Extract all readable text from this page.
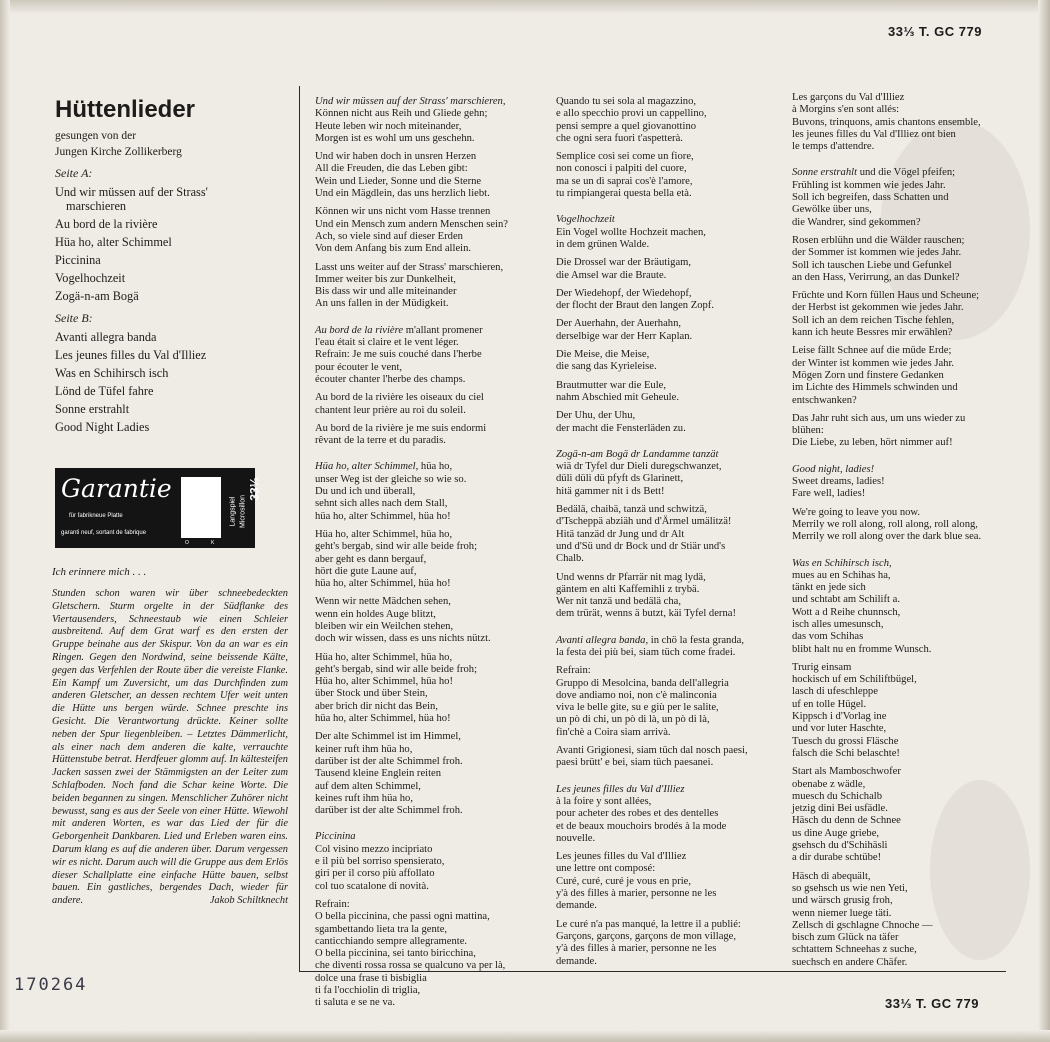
33⅓ T. GC 779
33⅓ T. GC 779
170264
Hüttenlieder
gesungen von der
Jungen Kirche Zollikerberg
Seite A:
Und wir müssen auf der Strass'
marschieren
Au bord de la rivière
Hüa ho, alter Schimmel
Piccinina
Vogelhochzeit
Zogä-n-am Bogä
Seite B:
Avanti allegra banda
Les jeunes filles du Val d'Illiez
Was en Schihirsch isch
Lönd de Tüfel fahre
Sonne erstrahlt
Good Night Ladies
Garantie
für fabrikneue Platte
garanti neuf, sortant de fabrique
O	K
Langspiel Microsillon
33⅓
Ich erinnere mich . . .
Stunden schon waren wir über schneebedeckten Gletschern. Sturm orgelte in der Südflanke des Viertausenders, Schneestaub wie einen Schleier ausbreitend. Auf dem Grat warf es den ersten der Gruppe beinahe aus der Skispur. Von da an war es ein Ringen. Gegen den Nordwind, seine beissende Kälte, gegen das Verfehlen der Route über die vereiste Flanke. Ein Kampf um Zuversicht, um das Durchfinden zum anderen Gletscher, an dessen rechtem Ufer weit unten die Hütte uns bergen würde. Schnee preschte ins Gesicht. Die Verantwortung drückte. Keiner sollte neben der Spur liegenbleiben. – Letztes Dämmerlicht, als einer nach dem anderen die kalte, verrauchte Hüttenstube betrat. Herdfeuer glomm auf. In kältesteifen Jacken sassen zwei der Stämmigsten an der Leiter zum Schlafboden. Noch fand die Schar keine Worte. Die beiden begannen zu singen. Menschlicher Zuhörer nicht bewusst, sang es aus der Seele von einer Hütte. Wiewohl mit anderen Worten, es war das Lied der für die Geborgenheit Dankbaren. Lied und Erleben waren eins. Darum klang es auf die anderen über. Darum vergessen wir es nicht. Darum auch will die Gruppe aus dem Erlös dieser Schallplatte eine einfache Hütte bauen, selbst bauen. Ein gastliches, bergendes Dach, wieder für andere.	Jakob Schiltknecht
Und wir müssen auf der Strass' marschieren,
Können nicht aus Reih und Gliede gehn;
Heute leben wir noch miteinander,
Morgen ist es wohl um uns geschehn.
Und wir haben doch in unsren Herzen
All die Freuden, die das Leben gibt:
Wein und Lieder, Sonne und die Sterne
Und ein Mägdlein, das uns herzlich liebt.
Können wir uns nicht vom Hasse trennen
Und ein Mensch zum andern Menschen sein?
Ach, so viele sind auf dieser Erden
Von dem Anfang bis zum End allein.
Lasst uns weiter auf der Strass' marschieren,
Immer weiter bis zur Dunkelheit,
Bis dass wir und alle miteinander
An uns fallen in der Müdigkeit.
Au bord de la rivière m'allant promener
l'eau était si claire et le vent léger.
Refrain: Je me suis couché dans l'herbe
pour écouter le vent,
écouter chanter l'herbe des champs.
Au bord de la rivière les oiseaux du ciel
chantent leur prière au roi du soleil.
Au bord de la rivière je me suis endormi
rêvant de la terre et du paradis.
Hüa ho, alter Schimmel, hüa ho,
unser Weg ist der gleiche so wie so.
Du und ich und überall,
sehnt sich alles nach dem Stall,
hüa ho, alter Schimmel, hüa ho!
Hüa ho, alter Schimmel, hüa ho,
geht's bergab, sind wir alle beide froh;
aber geht es dann bergauf,
hört die gute Laune auf,
hüa ho, alter Schimmel, hüa ho!
Wenn wir nette Mädchen sehen,
wenn ein holdes Auge blitzt,
bleiben wir ein Weilchen stehen,
doch wir wissen, dass es uns nichts nützt.
Hüa ho, alter Schimmel, hüa ho,
geht's bergab, sind wir alle beide froh;
Hüa ho, alter Schimmel, hüa ho!
über Stock und über Stein,
aber brich dir nicht das Bein,
hüa ho, alter Schimmel, hüa ho!
Der alte Schimmel ist im Himmel,
keiner ruft ihm hüa ho,
darüber ist der alte Schimmel froh.
Tausend kleine Englein reiten
auf dem alten Schimmel,
keines ruft ihm hüa ho,
darüber ist der alte Schimmel froh.
Piccinina
Col visino mezzo incipriato
e il più bel sorriso spensierato,
giri per il corso più affollato
col tuo scatalone di novità.
Refrain:
O bella piccinina, che passi ogni mattina,
sgambettando lieta tra la gente,
canticchiando sempre allegramente.
O bella piccinina, sei tanto biricchina,
che diventi rossa rossa se qualcuno va per là,
dolce una frase ti bisbiglia
ti fa l'occhiolin di triglia,
ti saluta e se ne va.
Quando tu sei sola al magazzino,
e allo specchio provi un cappellino,
pensi sempre a quel giovanottino
che ogni sera fuori t'aspetterà.
Semplice così sei come un fiore,
non conosci i palpiti del cuore,
ma se un dì saprai cos'è l'amore,
tu rimpiangerai questa bella età.
Vogelhochzeit
Ein Vogel wollte Hochzeit machen,
in dem grünen Walde.
Die Drossel war der Bräutigam,
die Amsel war die Braute.
Der Wiedehopf, der Wiedehopf,
der flocht der Braut den langen Zopf.
Der Auerhahn, der Auerhahn,
derselbige war der Herr Kaplan.
Die Meise, die Meise,
die sang das Kyrieleise.
Brautmutter war die Eule,
nahm Abschied mit Geheule.
Der Uhu, der Uhu,
der macht die Fensterläden zu.
Zogä-n-am Bogä dr Landamme tanzät
wiä dr Tyfel dur Dieli duregschwanzet,
düli düli dü pfyft ds Glarinett,
hitä gammer nit i ds Bett!
Bedälä, chaibä, tanzä und schwitzä,
d'Tscheppä abziäh und d'Ärmel umälitzä!
Hitä tanzäd dr Jung und dr Alt
und d'Sü und dr Bock und dr Stiär und's
Chalb.
Und wenns dr Pfarrär nit mag lydä,
gäntem en alti Kaffemihli z trybä.
Wer nit tanzä und bedälä cha,
dem trürät, wenns ä butzt, käi Tyfel derna!
Avanti allegra banda, in chö la festa granda,
la festa dei più bei, siam tüch come fradei.
Refrain:
Gruppo di Mesolcina, banda dell'allegria
dove andiamo noi, non c'è malinconia
viva le belle gite, su e giù per le salite,
un pò di chi, un pò di là, un pò di là,
fin'chè a Coira siam arrivà.
Avanti Grigionesi, siam tüch dal nosch paesi,
paesi brütt' e bei, siam tüch paesanei.
Les jeunes filles du Val d'Illiez
à la foire y sont allées,
pour acheter des robes et des dentelles
et de beaux mouchoirs brodés à la mode
nouvelle.
Les jeunes filles du Val d'Illiez
une lettre ont composé:
Curé, curé, curé je vous en prie,
y'à des filles à marier, personne ne les
demande.
Le curé n'a pas manqué, la lettre il a publié:
Garçons, garçons, garçons de mon village,
y'à des filles à marier, personne ne les
demande.
Les garçons du Val d'Illiez
à Morgins s'en sont allés:
Buvons, trinquons, amis chantons ensemble,
les jeunes filles du Val d'Illiez ont bien
le temps d'attendre.
Sonne erstrahlt und die Vögel pfeifen;
Frühling ist kommen wie jedes Jahr.
Soll ich begreifen, dass Schatten und
Gewölke über uns,
die Wandrer, sind gekommen?
Rosen erblühn und die Wälder rauschen;
der Sommer ist kommen wie jedes Jahr.
Soll ich tauschen Liebe und Gefunkel
an den Hass, Verirrung, an das Dunkel?
Früchte und Korn füllen Haus und Scheune;
der Herbst ist gekommen wie jedes Jahr.
Soll ich an dem reichen Tische fehlen,
kann ich heute Bessres mir erwählen?
Leise fällt Schnee auf die müde Erde;
der Winter ist kommen wie jedes Jahr.
Mögen Zorn und finstere Gedanken
im Lichte des Himmels schwinden und
entschwanken?
Das Jahr ruht sich aus, um uns wieder zu
blühen:
Die Liebe, zu leben, hört nimmer auf!
Good night, ladies!
Sweet dreams, ladies!
Fare well, ladies!
We're going to leave you now.
Merrily we roll along, roll along, roll along,
Merrily we roll along over the dark blue sea.
Was en Schihirsch isch,
mues au en Schihas ha,
tänkt en jede sich
und schtabt am Schilift a.
Wott a d Reihe chunnsch,
isch alles umesunsch,
das vom Schihas
blibt halt nu en fromme Wunsch.
Trurig einsam
hockisch uf em Schiliftbügel,
lasch di ufeschleppe
uf en tolle Hügel.
Kippsch i d'Vorlag ine
und vor luter Haschte,
Tuesch du grossi Fläsche
falsch die Schi belaschte!
Start als Mamboschwofer
obenabe z wädle,
muesch du Schichalb
jetzig dini Bei usfädle.
Häsch du denn de Schnee
us dine Auge griebe,
gsehsch du d'Schihäsli
a dir durabe schtübe!
Häsch di abequält,
so gsehsch us wie nen Yeti,
und wärsch grusig froh,
wenn niemer luege täti.
Zellsch di gschlagne Chnoche —
bisch zum Glück na täfer
schtattem Schneehas z suche,
suechsch en andere Chäfer.
